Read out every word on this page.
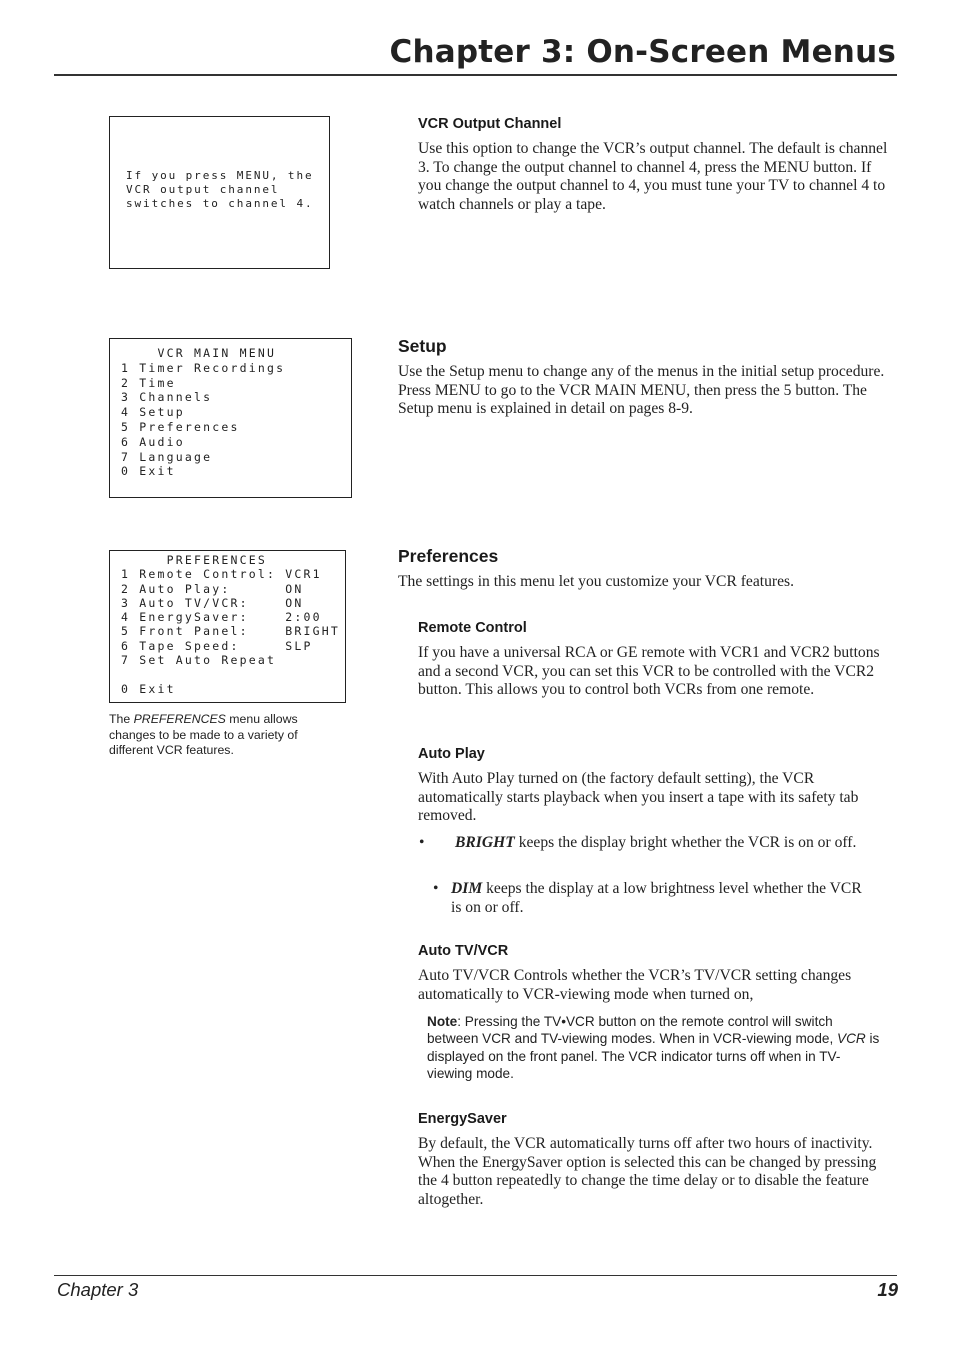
Chapter 3: On-Screen Menus
If you press MENU, the
VCR output channel
switches to channel 4.
VCR MAIN MENU
1 Timer Recordings
2 Time
3 Channels
4 Setup
5 Preferences
6 Audio
7 Language
0 Exit
PREFERENCES
1 Remote Control: VCR1
2 Auto Play:      ON
3 Auto TV/VCR:    ON
4 EnergySaver:    2:00
5 Front Panel:    BRIGHT
6 Tape Speed:     SLP
7 Set Auto Repeat

0 Exit
The PREFERENCES menu allows changes to be made to a variety of different VCR features.
VCR Output Channel
Use this option to change the VCR’s output channel. The default is channel 3. To change the output channel to channel 4, press the MENU button. If you change the output channel to 4, you must tune your TV to channel 4 to watch channels or play a tape.
Setup
Use the Setup menu to change any of the menus in the initial setup procedure. Press MENU to go to the VCR MAIN MENU, then press the 5 button. The Setup menu is explained in detail on pages 8-9.
Preferences
The settings in this menu let you customize your VCR features.
Remote Control
If you have a universal RCA or GE remote with VCR1 and VCR2 buttons and a second VCR, you can set this VCR to be controlled with the VCR2 button. This allows you to control both VCRs from one remote.
Auto Play
With Auto Play turned on (the factory default setting), the VCR automatically starts playback when you insert a tape with its safety tab removed.
•	BRIGHT keeps the display bright whether the VCR is on or off.
• DIM keeps the display at a low brightness level whether the VCR is on or off.
Auto TV/VCR
Auto TV/VCR Controls whether the VCR’s TV/VCR setting changes automatically to VCR-viewing mode when turned on,
Note: Pressing the TV•VCR button on the remote control will switch between VCR and TV-viewing modes. When in VCR-viewing mode, VCR is displayed on the front panel. The VCR indicator turns off when in TV-viewing mode.
EnergySaver
By default, the VCR automatically turns off after two hours of inactivity. When the EnergySaver option is selected this can be changed by pressing the 4 button repeatedly to change the time delay or to disable the feature altogether.
Chapter 3	19
